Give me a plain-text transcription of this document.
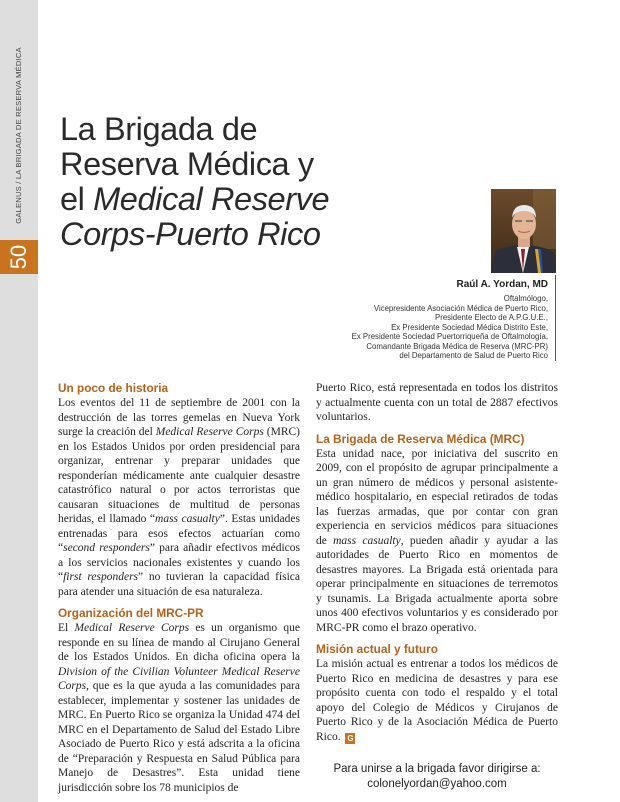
GALENUS / LA BRIGADA DE RESERVA MÉDICA
50
La Brigada de
Reserva Médica y
el Medical Reserve
Corps-Puerto Rico
Raúl A. Yordan, MD
Oftalmólogo,
Vicepresidente Asociación Médica de Puerto Rico,
Presidente Electo de A.P.G.U.E.,
Ex Presidente Sociedad Médica Distrito Este,
Ex Presidente Sociedad Puertorriqueña de Oftalmología,
Comandante Brigada Médica de Reserva (MRC-PR)
del Departamento de Salud de Puerto Rico
Un poco de historia

Los eventos del 11 de septiembre de 2001 con la destrucción de las torres gemelas en Nueva York surge la creación del Medical Reserve Corps (MRC) en los Estados Unidos por orden presidencial para organizar, entrenar y preparar unidades que responderían médicamente ante cualquier desastre catastrófico natural o por actos terroristas que causaran situaciones de multitud de personas heridas, el llamado “mass casualty”. Estas unidades entrenadas para esos efectos actuarían como “second responders” para añadir efectivos médicos a los servicios nacionales existentes y cuando los “first responders” no tuvieran la capacidad física para atender una situación de esa naturaleza.

Organización del MRC-PR

El Medical Reserve Corps es un organismo que responde en su línea de mando al Cirujano General de los Estados Unidos. En dicha oficina opera la Division of the Civilian Volunteer Medical Reserve Corps, que es la que ayuda a las comunidades para establecer, implementar y sostener las unidades de MRC. En Puerto Rico se organiza la Unidad 474 del MRC en el Departamento de Salud del Estado Libre Asociado de Puerto Rico y está adscrita a la oficina de “Preparación y Respuesta en Salud Pública para Manejo de Desastres”. Esta unidad tiene jurisdicción sobre los 78 municipios de

Puerto Rico, está representada en todos los distritos y actualmente cuenta con un total de 2887 efectivos voluntarios.

La Brigada de Reserva Médica (MRC)

Esta unidad nace, por iniciativa del suscrito en 2009, con el propósito de agrupar principalmente a un gran número de médicos y personal asistente-médico hospitalario, en especial retirados de todas las fuerzas armadas, que por contar con gran experiencia en servicios médicos para situaciones de mass casualty, pueden añadir y ayudar a las autoridades de Puerto Rico en momentos de desastres mayores. La Brigada está orientada para operar principalmente en situaciones de terremotos y tsunamis. La Brigada actualmente aporta sobre unos 400 efectivos voluntarios y es considerado por MRC-PR como el brazo operativo.

Misión actual y futuro

La misión actual es entrenar a todos los médicos de Puerto Rico en medicina de desastres y para ese propósito cuenta con todo el respaldo y el total apoyo del Colegio de Médicos y Cirujanos de Puerto Rico y de la Asociación Médica de Puerto Rico. G

Para unirse a la brigada favor dirigirse a:
colonelyordan@yahoo.com
